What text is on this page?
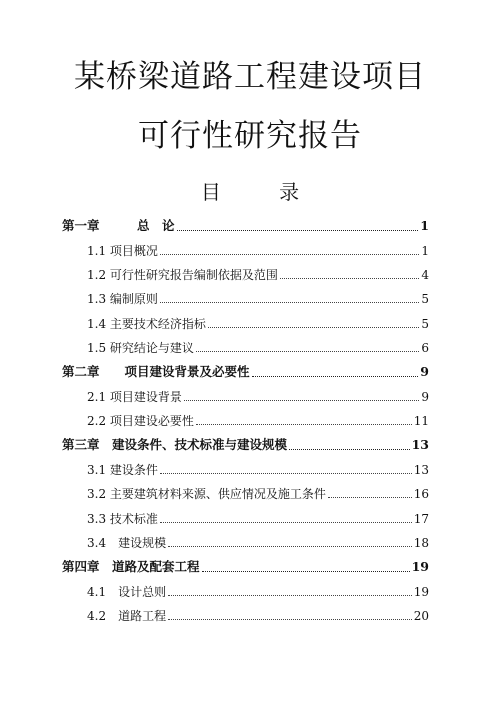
某桥梁道路工程建设项目
可行性研究报告
目 录
第一章　　　总　论	1
1.1 项目概况	1
1.2 可行性研究报告编制依据及范围	4
1.3 编制原则	5
1.4 主要技术经济指标	5
1.5 研究结论与建议	6
第二章　　项目建设背景及必要性	9
2.1 项目建设背景	9
2.2 项目建设必要性	11
第三章　建设条件、技术标准与建设规模	13
3.1 建设条件	13
3.2 主要建筑材料来源、供应情况及施工条件	16
3.3 技术标准	17
3.4　建设规模	18
第四章　道路及配套工程	19
4.1　设计总则	19
4.2　道路工程	20
